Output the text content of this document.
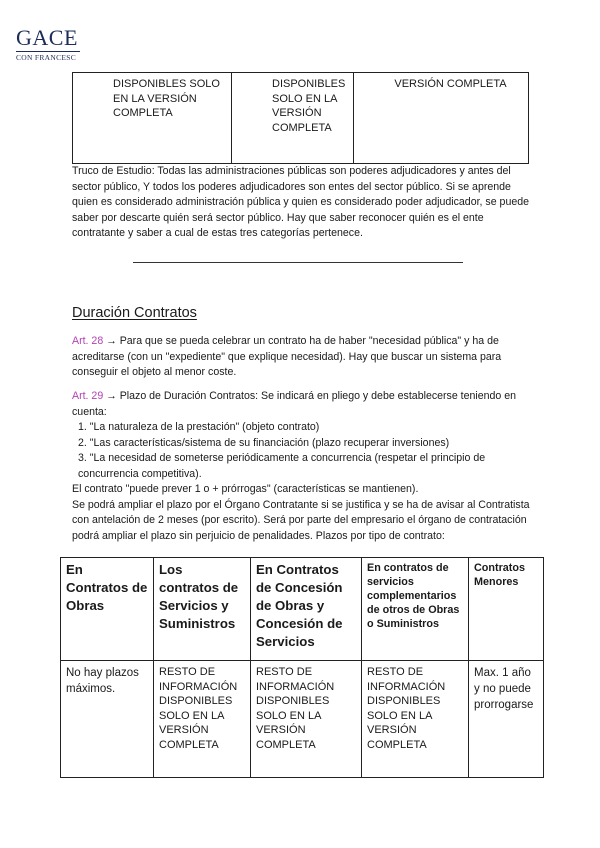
GACE
CON FRANCESC
DISPONIBLES SOLO EN LA VERSIÓN COMPLETA	DISPONIBLES SOLO EN LA VERSIÓN COMPLETA	VERSIÓN COMPLETA

Truco de Estudio: Todas las administraciones públicas son poderes adjudicadores y antes del sector público, Y todos los poderes adjudicadores son entes del sector público. Si se aprende quien es considerado administración pública y quien es considerado poder adjudicador, se puede saber por descarte quién será sector público. Hay que saber reconocer quién es el ente contratante y saber a cual de estas tres categorías pertenece.

Duración Contratos

Art. 28 → Para que se pueda celebrar un contrato ha de haber "necesidad pública" y ha de acreditarse (con un "expediente" que explique necesidad). Hay que buscar un sistema para conseguir el objeto al menor coste.

Art. 29 → Plazo de Duración Contratos: Se indicará en pliego y debe establecerse teniendo en cuenta:

1. "La naturaleza de la prestación" (objeto contrato)
2. "Las características/sistema de su financiación (plazo recuperar inversiones)
3. "La necesidad de someterse periódicamente a concurrencia (respetar el principio de concurrencia competitiva).

El contrato "puede prever 1 o + prórrogas" (características se mantienen).

Se podrá ampliar el plazo por el Órgano Contratante si se justifica y se ha de avisar al Contratista con antelación de 2 meses (por escrito). Será por parte del empresario el órgano de contratación podrá ampliar el plazo sin perjuicio de penalidades. Plazos por tipo de contrato:

En Contratos de Obras	Los contratos de Servicios y Suministros	En Contratos de Concesión de Obras y Concesión de Servicios	En contratos de servicios complementarios de otros de Obras o Suministros	Contratos Menores
No hay plazos máximos.	RESTO DE INFORMACIÓN DISPONIBLES SOLO EN LA VERSIÓN COMPLETA	RESTO DE INFORMACIÓN DISPONIBLES SOLO EN LA VERSIÓN COMPLETA	RESTO DE INFORMACIÓN DISPONIBLES SOLO EN LA VERSIÓN COMPLETA	Max. 1 año y no puede prorrogarse
